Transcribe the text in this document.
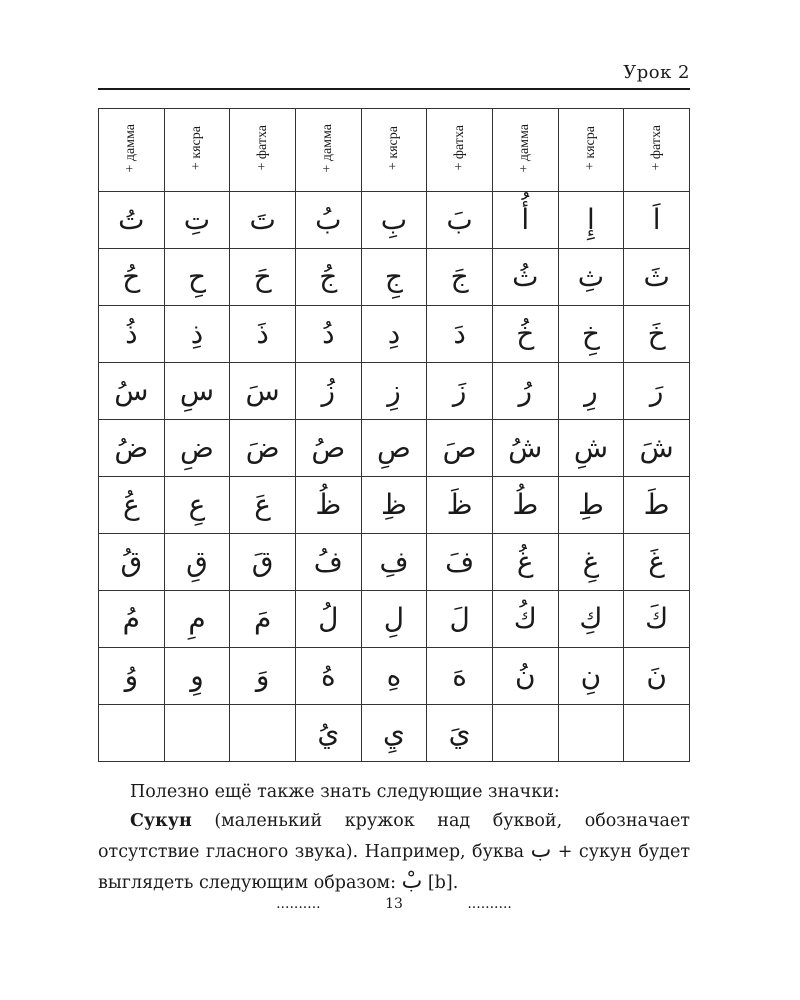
Урок 2
+ дамма	+ кясра	+ фатха	+ дамма	+ кясра	+ фатха	+ дамма	+ кясра	+ фатха
تُ	تِ	تَ	بُ	بِ	بَ	أُ	إِ	اَ
حُ	حِ	حَ	جُ	جِ	جَ	ثُ	ثِ	ثَ
ذُ	ذِ	ذَ	دُ	دِ	دَ	خُ	خِ	خَ
سُ	سِ	سَ	زُ	زِ	زَ	رُ	رِ	رَ
ضُ	ضِ	ضَ	صُ	صِ	صَ	شُ	شِ	شَ
عُ	عِ	عَ	ظُ	ظِ	ظَ	طُ	طِ	طَ
قُ	قِ	قَ	فُ	فِ	فَ	غُ	غِ	غَ
مُ	مِ	مَ	لُ	لِ	لَ	كُ	كِ	كَ
وُ	وِ	وَ	هُ	هِ	هَ	نُ	نِ	نَ
			يُ	يِ	يَ			

Полезно ещё также знать следующие значки:

Сукун (маленький кружок над буквой, обозначает отсутствие гласного звука). Например, буква ب + сукун будет выглядеть следующим образом: بْ [b].

..........	13	..........
